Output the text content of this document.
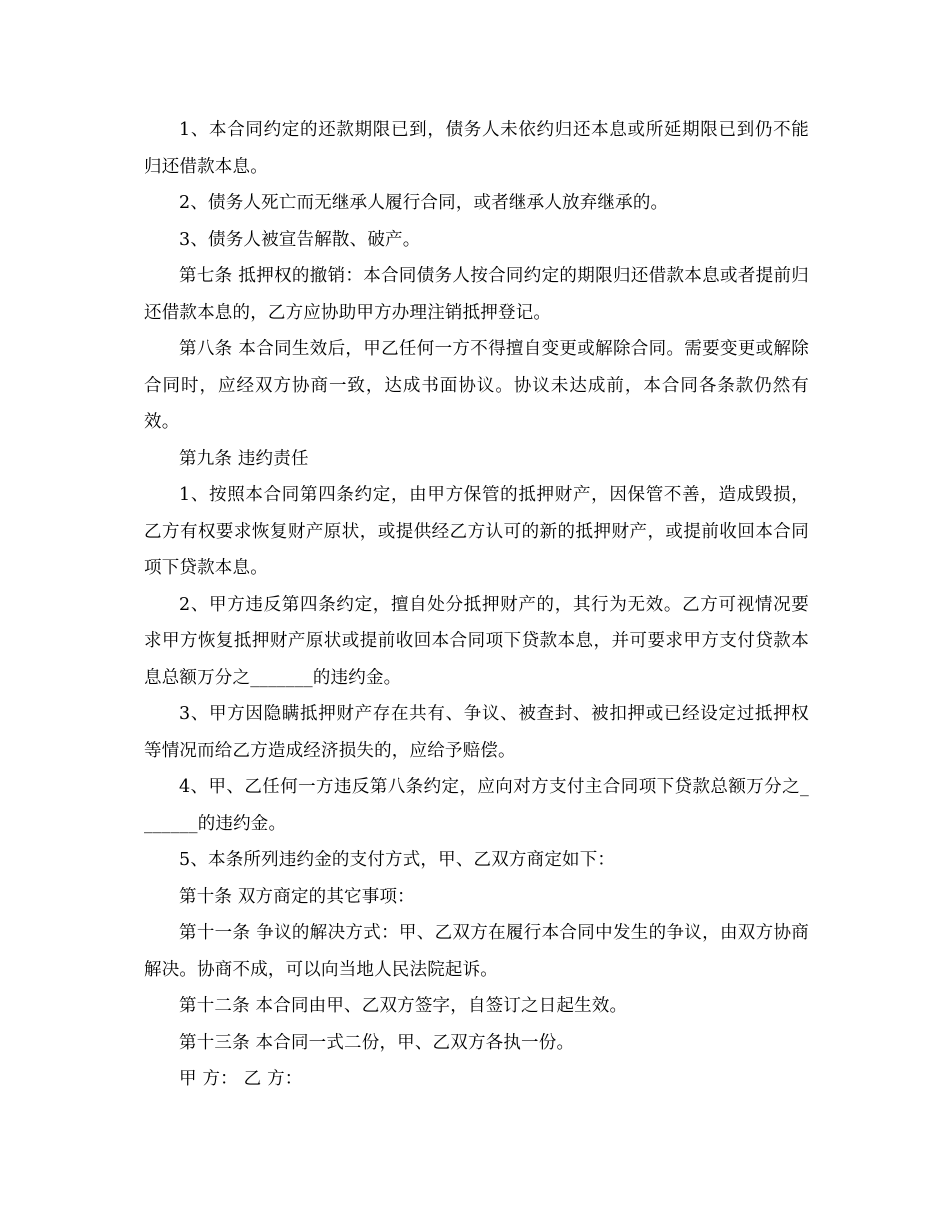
1、本合同约定的还款期限已到，债务人未依约归还本息或所延期限已到仍不能归还借款本息。

2、债务人死亡而无继承人履行合同，或者继承人放弃继承的。

3、债务人被宣告解散、破产。

第七条 抵押权的撤销：本合同债务人按合同约定的期限归还借款本息或者提前归还借款本息的，乙方应协助甲方办理注销抵押登记。

第八条 本合同生效后，甲乙任何一方不得擅自变更或解除合同。需要变更或解除合同时，应经双方协商一致，达成书面协议。协议未达成前，本合同各条款仍然有效。

第九条 违约责任

1、按照本合同第四条约定，由甲方保管的抵押财产，因保管不善，造成毁损，乙方有权要求恢复财产原状，或提供经乙方认可的新的抵押财产，或提前收回本合同项下贷款本息。

2、甲方违反第四条约定，擅自处分抵押财产的，其行为无效。乙方可视情况要求甲方恢复抵押财产原状或提前收回本合同项下贷款本息，并可要求甲方支付贷款本息总额万分之_______的违约金。

3、甲方因隐瞒抵押财产存在共有、争议、被查封、被扣押或已经设定过抵押权等情况而给乙方造成经济损失的，应给予赔偿。

4、甲、乙任何一方违反第八条约定，应向对方支付主合同项下贷款总额万分之_______的违约金。

5、本条所列违约金的支付方式，甲、乙双方商定如下：

第十条 双方商定的其它事项：

第十一条 争议的解决方式：甲、乙双方在履行本合同中发生的争议，由双方协商解决。协商不成，可以向当地人民法院起诉。

第十二条 本合同由甲、乙双方签字，自签订之日起生效。

第十三条 本合同一式二份，甲、乙双方各执一份。

甲 方： 乙 方：
